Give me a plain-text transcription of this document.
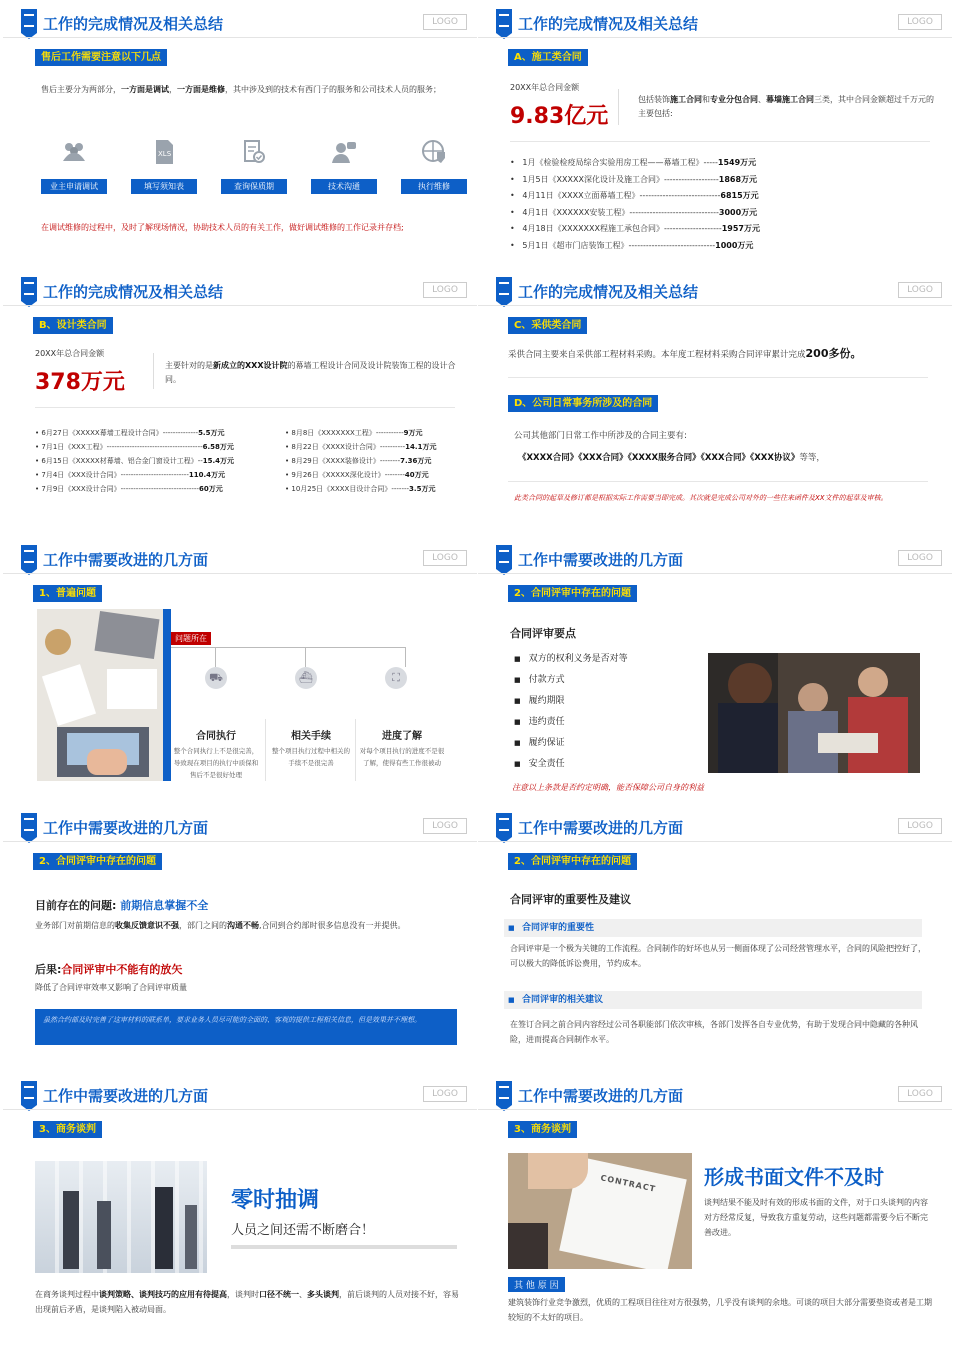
工作的完成情况及相关总结	LOGO
售后工作需要注意以下几点
售后主要分为两部分，一方面是调试，一方面是维修，其中涉及到的技术有西门子的服务和公司技术人员的服务；
业主申请调试
XLS
填写须知表	查询保质期	技术沟通	执行维修
在调试维修的过程中，及时了解现场情况，协助技术人员的有关工作，做好调试维修的工作记录并存档;
工作的完成情况及相关总结	LOGO
A、施工类合同
20XX年总合同金额
9.83亿元
包括装饰施工合同和专业分包合同、幕墙施工合同三类，其中合同金额超过千万元的主要包括:
•   1月《检验检疫局综合实验用房工程——幕墙工程》-----1549万元
•   1月5日《XXXXX深化设计及施工合同》-------------------1868万元
•   4月11日《XXXX立面幕墙工程》----------------------------6815万元
•   4月1日《XXXXXX安装工程》-------------------------------3000万元
•   4月18日《XXXXXXX程施工承包合同》--------------------1957万元
•   5月1日《超市门店装饰工程》------------------------------1000万元
工作的完成情况及相关总结	LOGO
B、设计类合同
20XX年总合同金额
378万元
主要针对的是新成立的XXX设计院的幕墙工程设计合同及设计院装饰工程的设计合同。
• 6月27日《XXXXX幕墙工程设计合同》--------------5.5万元
• 7月1日《XXX工程》--------------------------------------6.58万元
• 6月15日《XXXXX材幕墙、铝合金门窗设计工程》--15.4万元
• 7月4日《XXX设计合同》---------------------------110.4万元
• 7月9日《XXX设计合同》-------------------------------60万元
• 8月8日《XXXXXXX工程》-----------9万元
• 8月22日《XXXX设计合同》----------14.1万元
• 8月29日《XXXX装修设计》--------7.36万元
• 9月26日《XXXXX深化设计》--------40万元
• 10月25日《XXXX目设计合同》-------3.5万元
工作的完成情况及相关总结	LOGO
C、采供类合同
采供合同主要来自采供部工程材料采购。本年度工程材料采购合同评审累计完成200多份。
D、公司日常事务所涉及的合同
公司其他部门日常工作中所涉及的合同主要有:
《XXXX合同》《XXX合同》《XXXX服务合同》《XXX合同》《XXX协议》等等，
此类合同的起草及修订都是根据实际工作需要当即完成。其次就是完成公司对外的一些往来函件及XX文件的起草及审核。
工作中需要改进的几方面	LOGO
1、普遍问题
问题所在
⛟	⛴	⛶
合同执行
整个合同执行上不是很完善，导致现在项目的执行中质保和售后不是很好处理
相关手续
整个项目执行过程中相关的手续不是很完善
进度了解
对每个项目执行的进度不是很了解，使得有些工作很被动
工作中需要改进的几方面	LOGO
2、合同评审中存在的问题
合同评审要点
■ 双方的权利义务是否对等
■ 付款方式
■ 履约期限
■ 违约责任
■ 履约保证
■ 安全责任
注意以上条款是否约定明确，能否保障公司自身的利益
工作中需要改进的几方面	LOGO
2、合同评审中存在的问题
目前存在的问题: 前期信息掌握不全
业务部门对前期信息的收集反馈意识不强，部门之间的沟通不畅,合同到合约部时很多信息没有一并提供。
后果:合同评审中不能有的放矢
降低了合同评审效率又影响了合同评审质量
虽然合约部及时完善了这审材料的联系单，要求业务人员尽可能的全面的、客观的提供工程相关信息，但是效果并不理想。
工作中需要改进的几方面	LOGO
2、合同评审中存在的问题
合同评审的重要性及建议
■ 合同评审的重要性
合同评审是一个极为关键的工作流程。合同制作的好坏也从另一侧面体现了公司经营管理水平，合同的风险把控好了，可以极大的降低诉讼费用，节约成本。
■ 合同评审的相关建议
在签订合同之前合同内容经过公司各职能部门依次审核，各部门发挥各自专业优势，有助于发现合同中隐藏的各种风险，进而提高合同制作水平。
工作中需要改进的几方面	LOGO
3、商务谈判
零时抽调
人员之间还需不断磨合！
在商务谈判过程中谈判策略、谈判技巧的应用有待提高，谈判时口径不统一、多头谈判，前后谈判的人员对接不好，容易出现前后矛盾，是谈判陷入被动局面。
工作中需要改进的几方面	LOGO
3、商务谈判
CONTRACT 形成书面文件不及时
谈判结果不能及时有效的形成书面的文件，对于口头谈判的内容对方经常反复，导致我方重复劳动，这些问题都需要今后不断完善改进。
其 他 原 因
建筑装饰行业竞争激烈，优质的工程项目往往对方很强势，几乎没有谈判的余地。可谈的项目大部分需要垫资或者是工期较短的不太好的项目。
